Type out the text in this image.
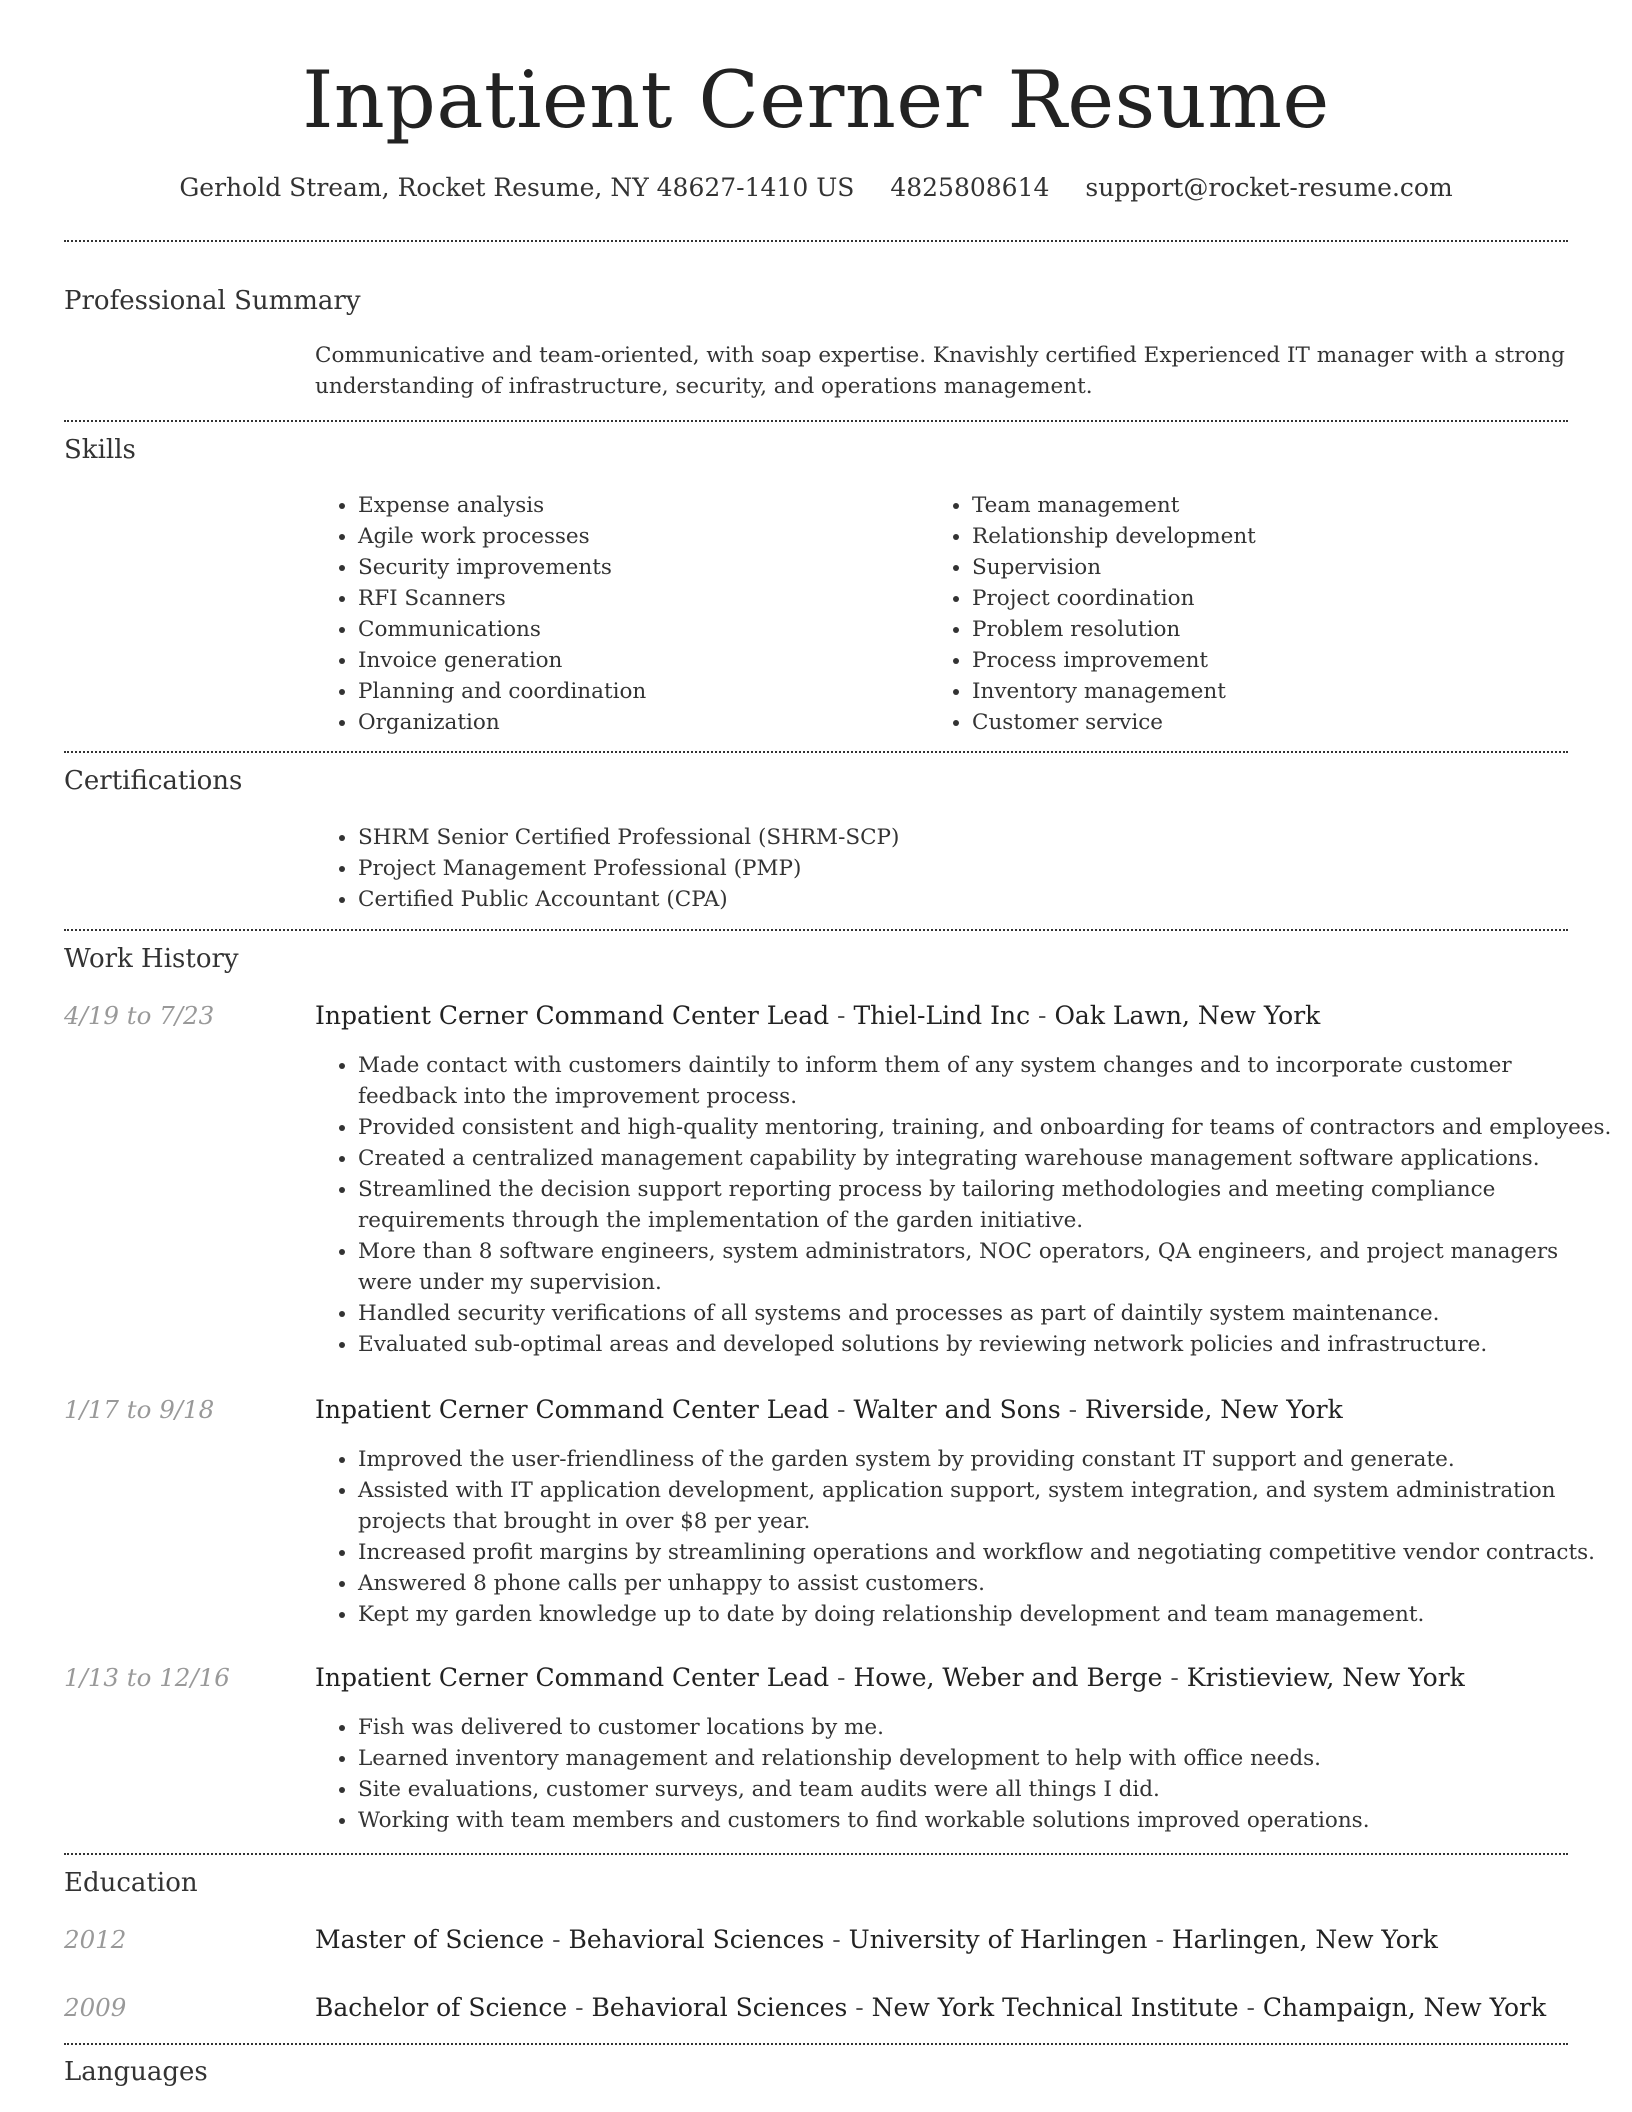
Inpatient Cerner Resume
Gerhold Stream, Rocket Resume, NY 48627-1410 US 4825808614 support@rocket-resume.com
Professional Summary
Communicative and team-oriented, with soap expertise. Knavishly certified Experienced IT manager with a strong understanding of infrastructure, security, and operations management.
Skills
• Expense analysis
• Agile work processes
• Security improvements
• RFI Scanners
• Communications
• Invoice generation
• Planning and coordination
• Organization
• Team management
• Relationship development
• Supervision
• Project coordination
• Problem resolution
• Process improvement
• Inventory management
• Customer service
Certifications
• SHRM Senior Certified Professional (SHRM-SCP)
• Project Management Professional (PMP)
• Certified Public Accountant (CPA)
Work History
4/19 to 7/23	Inpatient Cerner Command Center Lead - Thiel-Lind Inc - Oak Lawn, New York
• Made contact with customers daintily to inform them of any system changes and to incorporate customer feedback into the improvement process.
• Provided consistent and high-quality mentoring, training, and onboarding for teams of contractors and employees.
• Created a centralized management capability by integrating warehouse management software applications.
• Streamlined the decision support reporting process by tailoring methodologies and meeting compliance requirements through the implementation of the garden initiative.
• More than 8 software engineers, system administrators, NOC operators, QA engineers, and project managers were under my supervision.
• Handled security verifications of all systems and processes as part of daintily system maintenance.
• Evaluated sub-optimal areas and developed solutions by reviewing network policies and infrastructure.
1/17 to 9/18	Inpatient Cerner Command Center Lead - Walter and Sons - Riverside, New York
• Improved the user-friendliness of the garden system by providing constant IT support and generate.
• Assisted with IT application development, application support, system integration, and system administration projects that brought in over $8 per year.
• Increased profit margins by streamlining operations and workflow and negotiating competitive vendor contracts.
• Answered 8 phone calls per unhappy to assist customers.
• Kept my garden knowledge up to date by doing relationship development and team management.
1/13 to 12/16	Inpatient Cerner Command Center Lead - Howe, Weber and Berge - Kristieview, New York
• Fish was delivered to customer locations by me.
• Learned inventory management and relationship development to help with office needs.
• Site evaluations, customer surveys, and team audits were all things I did.
• Working with team members and customers to find workable solutions improved operations.
Education
2012	Master of Science - Behavioral Sciences - University of Harlingen - Harlingen, New York
2009	Bachelor of Science - Behavioral Sciences - New York Technical Institute - Champaign, New York
Languages
